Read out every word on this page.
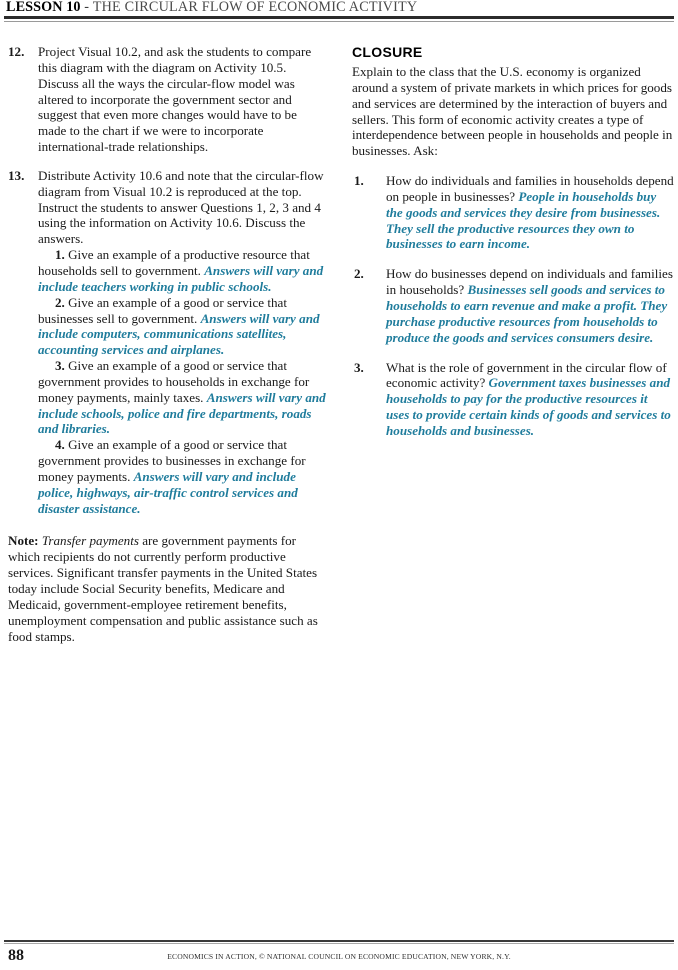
LESSON 10 - THE CIRCULAR FLOW OF ECONOMIC ACTIVITY
12. Project Visual 10.2, and ask the students to compare this diagram with the diagram on Activity 10.5. Discuss all the ways the circular-flow model was altered to incorporate the government sector and suggest that even more changes would have to be made to the chart if we were to incorporate international-trade relationships.
13. Distribute Activity 10.6 and note that the circular-flow diagram from Visual 10.2 is reproduced at the top. Instruct the students to answer Questions 1, 2, 3 and 4 using the information on Activity 10.6. Discuss the answers.

1. Give an example of a productive resource that households sell to government. Answers will vary and include teachers working in public schools.

2. Give an example of a good or service that businesses sell to government. Answers will vary and include computers, communications satellites, accounting services and airplanes.

3. Give an example of a good or service that government provides to households in exchange for money payments, mainly taxes. Answers will vary and include schools, police and fire departments, roads and libraries.

4. Give an example of a good or service that government provides to businesses in exchange for money payments. Answers will vary and include police, highways, air-traffic control services and disaster assistance.

Note: Transfer payments are government payments for which recipients do not currently perform productive services. Significant transfer payments in the United States today include Social Security benefits, Medicare and Medicaid, government-employee retirement benefits, unemployment compensation and public assistance such as food stamps.
CLOSURE
Explain to the class that the U.S. economy is organized around a system of private markets in which prices for goods and services are determined by the interaction of buyers and sellers. This form of economic activity creates a type of interdependence between people in households and people in businesses. Ask:
1. How do individuals and families in households depend on people in businesses? People in households buy the goods and services they desire from businesses. They sell the productive resources they own to businesses to earn income.
2. How do businesses depend on individuals and families in households? Businesses sell goods and services to households to earn revenue and make a profit. They purchase productive resources from households to produce the goods and services consumers desire.
3. What is the role of government in the circular flow of economic activity? Government taxes businesses and households to pay for the productive resources it uses to provide certain kinds of goods and services to households and businesses.
88	ECONOMICS IN ACTION, © NATIONAL COUNCIL ON ECONOMIC EDUCATION, NEW YORK, N.Y.
